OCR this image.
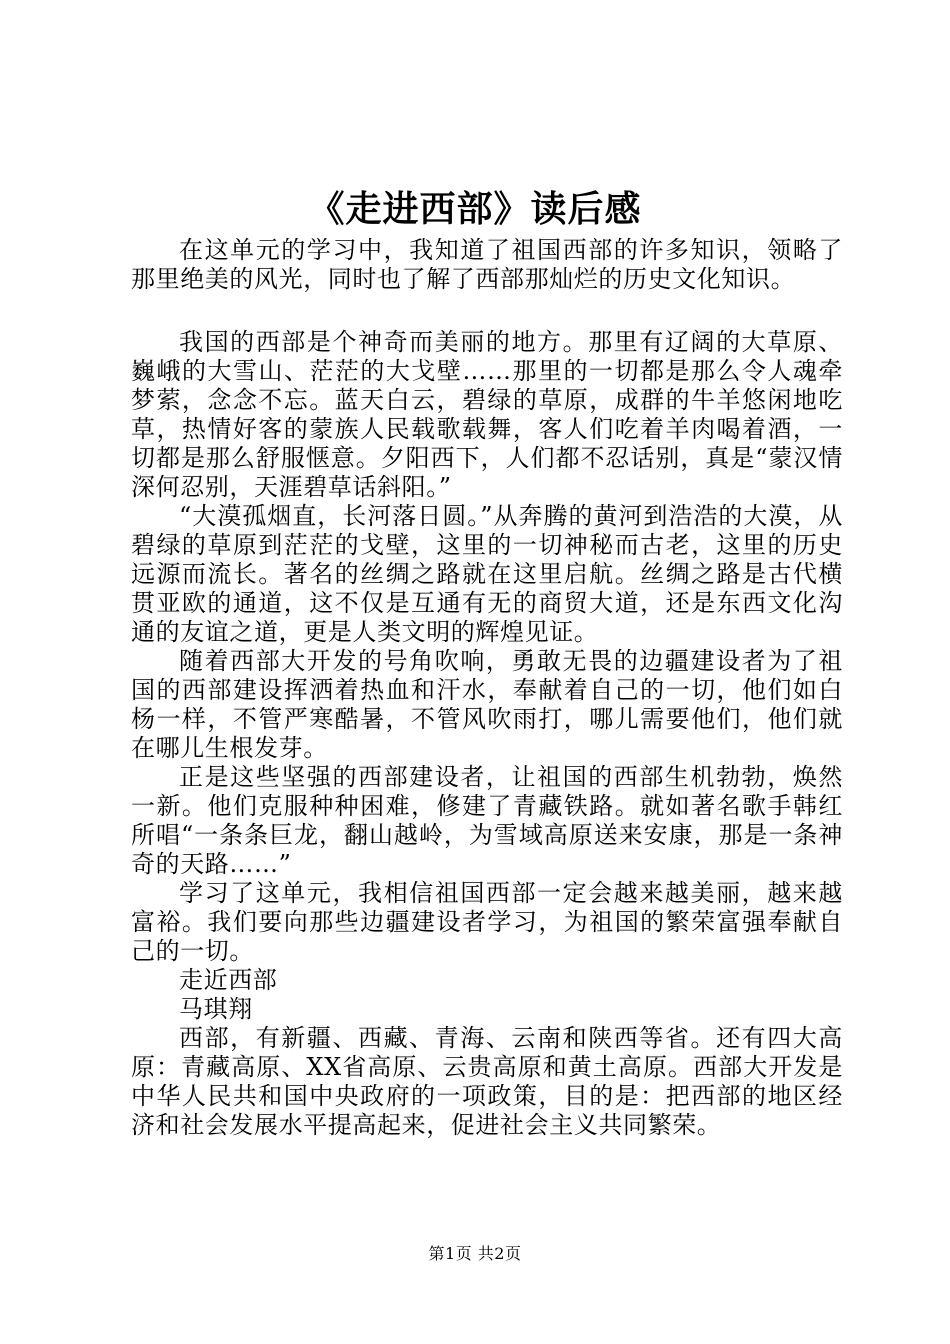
《走进西部》读后感

在这单元的学习中，我知道了祖国西部的许多知识，领略了那里绝美的风光，同时也了解了西部那灿烂的历史文化知识。

我国的西部是个神奇而美丽的地方。那里有辽阔的大草原、巍峨的大雪山、茫茫的大戈壁……那里的一切都是那么令人魂牵梦萦，念念不忘。蓝天白云，碧绿的草原，成群的牛羊悠闲地吃草，热情好客的蒙族人民载歌载舞，客人们吃着羊肉喝着酒，一切都是那么舒服惬意。夕阳西下，人们都不忍话别，真是“蒙汉情深何忍别，天涯碧草话斜阳。”

“大漠孤烟直，长河落日圆。”从奔腾的黄河到浩浩的大漠，从碧绿的草原到茫茫的戈壁，这里的一切神秘而古老，这里的历史远源而流长。著名的丝绸之路就在这里启航。丝绸之路是古代横贯亚欧的通道，这不仅是互通有无的商贸大道，还是东西文化沟通的友谊之道，更是人类文明的辉煌见证。

随着西部大开发的号角吹响，勇敢无畏的边疆建设者为了祖国的西部建设挥洒着热血和汗水，奉献着自己的一切，他们如白杨一样，不管严寒酷暑，不管风吹雨打，哪儿需要他们，他们就在哪儿生根发芽。

正是这些坚强的西部建设者，让祖国的西部生机勃勃，焕然一新。他们克服种种困难，修建了青藏铁路。就如著名歌手韩红所唱“一条条巨龙，翻山越岭，为雪域高原送来安康，那是一条神奇的天路……”

学习了这单元，我相信祖国西部一定会越来越美丽，越来越富裕。我们要向那些边疆建设者学习，为祖国的繁荣富强奉献自己的一切。

走近西部

马琪翔

西部，有新疆、西藏、青海、云南和陕西等省。还有四大高原：青藏高原、XX省高原、云贵高原和黄土高原。西部大开发是中华人民共和国中央政府的一项政策，目的是：把西部的地区经济和社会发展水平提高起来，促进社会主义共同繁荣。

第1页 共2页
